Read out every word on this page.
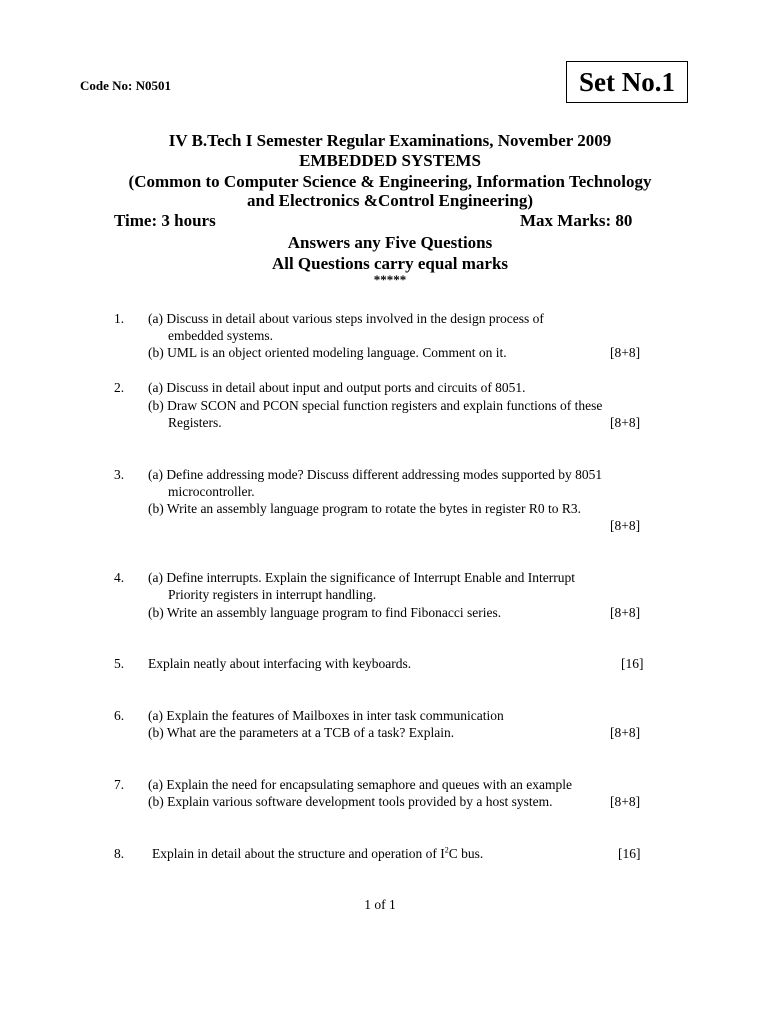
Code No: N0501	Set No.1
IV B.Tech I Semester Regular Examinations, November 2009
EMBEDDED SYSTEMS
(Common to Computer Science & Engineering, Information Technology
and Electronics &Control Engineering)
Time: 3 hours	Max Marks: 80
Answers any Five Questions
All Questions carry equal marks
*****
1. (a) Discuss in detail about various steps involved in the design process of
embedded systems.
(b) UML is an object oriented modeling language. Comment on it.	[8+8]
2. (a) Discuss in detail about input and output ports and circuits of 8051.
(b) Draw SCON and PCON special function registers and explain functions of these
Registers.	[8+8]
3. (a) Define addressing mode? Discuss different addressing modes supported by 8051
microcontroller.
(b) Write an assembly language program to rotate the bytes in register R0 to R3.
[8+8]
4. (a) Define interrupts. Explain the significance of Interrupt Enable and Interrupt
Priority registers in interrupt handling.
(b) Write an assembly language program to find Fibonacci series.	[8+8]
5. Explain neatly about interfacing with keyboards.	[16]
6. (a) Explain the features of Mailboxes in inter task communication
(b) What are the parameters at a TCB of a task? Explain.	[8+8]
7. (a) Explain the need for encapsulating semaphore and queues with an example
(b) Explain various software development tools provided by a host system.	[8+8]
8. Explain in detail about the structure and operation of $I^2C$ bus.	[16]
1 of 1
